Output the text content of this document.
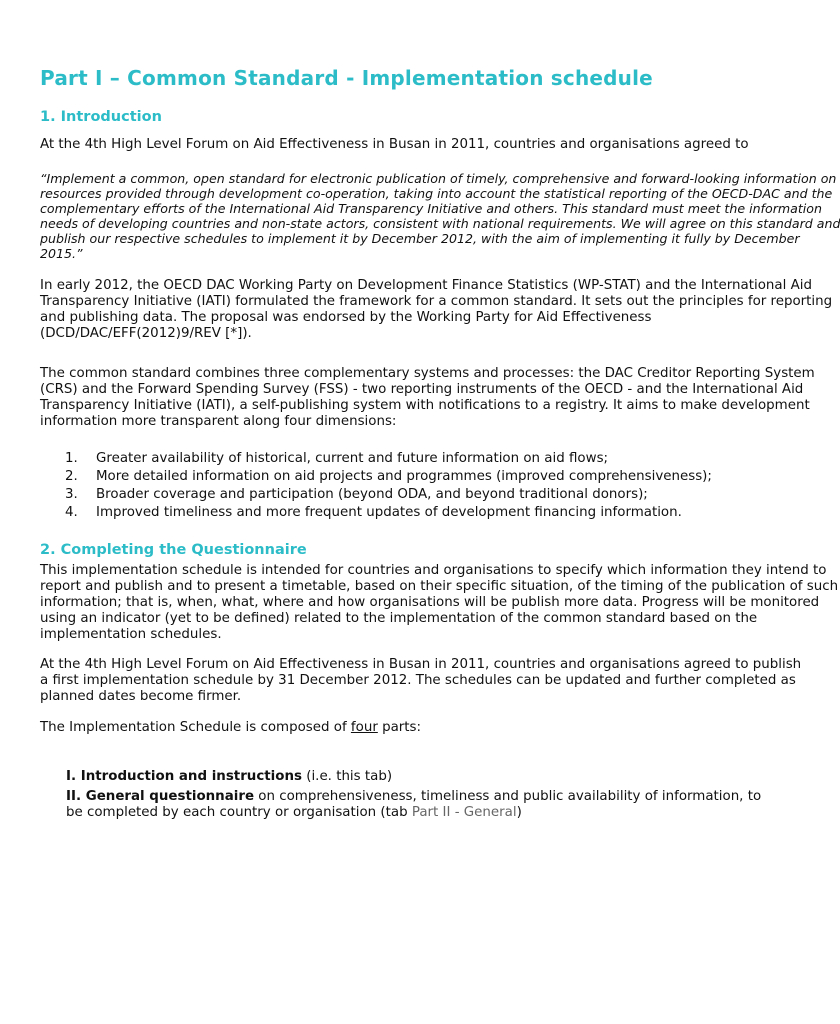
Part I – Common Standard - Implementation schedule
1. Introduction
At the 4th High Level Forum on Aid Effectiveness in Busan in 2011, countries and organisations agreed to
“Implement a common, open standard for electronic publication of timely, comprehensive and forward-looking information on
resources provided through development co-operation, taking into account the statistical reporting of the OECD-DAC and the
complementary efforts of the International Aid Transparency Initiative and others. This standard must meet the information
needs of developing countries and non-state actors, consistent with national requirements. We will agree on this standard and
publish our respective schedules to implement it by December 2012, with the aim of implementing it fully by December
2015.”
In early 2012, the OECD DAC Working Party on Development Finance Statistics (WP-STAT) and the International Aid
Transparency Initiative (IATI) formulated the framework for a common standard. It sets out the principles for reporting
and publishing data. The proposal was endorsed by the Working Party for Aid Effectiveness
(DCD/DAC/EFF(2012)9/REV [*]).
The common standard combines three complementary systems and processes: the DAC Creditor Reporting System
(CRS) and the Forward Spending Survey (FSS) - two reporting instruments of the OECD - and the International Aid
Transparency Initiative (IATI), a self-publishing system with notifications to a registry. It aims to make development
information more transparent along four dimensions:
1. Greater availability of historical, current and future information on aid flows;
2. More detailed information on aid projects and programmes (improved comprehensiveness);
3. Broader coverage and participation (beyond ODA, and beyond traditional donors);
4. Improved timeliness and more frequent updates of development financing information.
2. Completing the Questionnaire
This implementation schedule is intended for countries and organisations to specify which information they intend to
report and publish and to present a timetable, based on their specific situation, of the timing of the publication of such
information; that is, when, what, where and how organisations will be publish more data. Progress will be monitored
using an indicator (yet to be defined) related to the implementation of the common standard based on the
implementation schedules.
At the 4th High Level Forum on Aid Effectiveness in Busan in 2011, countries and organisations agreed to publish
a first implementation schedule by 31 December 2012. The schedules can be updated and further completed as
planned dates become firmer.
The Implementation Schedule is composed of four parts:
I. Introduction and instructions (i.e. this tab)
II. General questionnaire on comprehensiveness, timeliness and public availability of information, to
be completed by each country or organisation (tab Part II - General)
